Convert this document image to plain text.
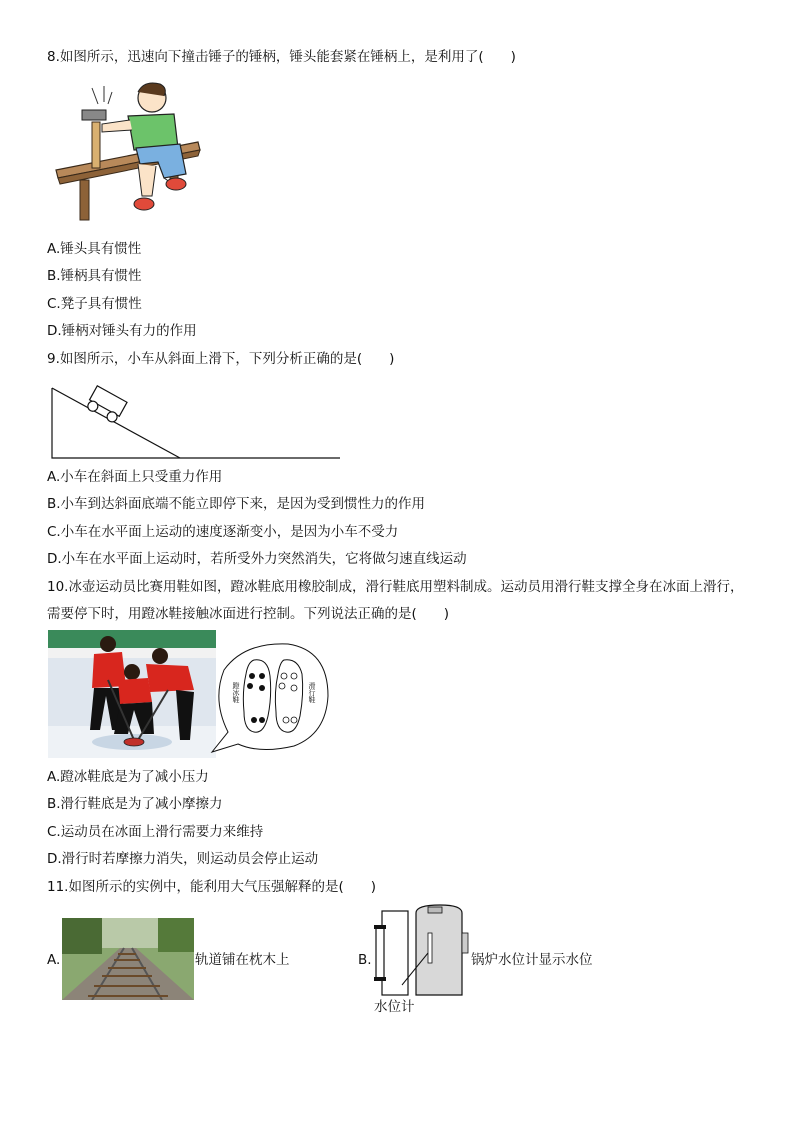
8.如图所示，迅速向下撞击锤子的锤柄，锤头能套紧在锤柄上，是利用了(　　)
A.锤头具有惯性
B.锤柄具有惯性
C.凳子具有惯性
D.锤柄对锤头有力的作用
9.如图所示，小车从斜面上滑下，下列分析正确的是(　　)
A.小车在斜面上只受重力作用
B.小车到达斜面底端不能立即停下来，是因为受到惯性力的作用
C.小车在水平面上运动的速度逐渐变小，是因为小车不受力
D.小车在水平面上运动时，若所受外力突然消失，它将做匀速直线运动
10.冰壶运动员比赛用鞋如图，蹬冰鞋底用橡胶制成，滑行鞋底用塑料制成。运动员用滑行鞋支撑全身在冰面上滑行，
需要停下时，用蹬冰鞋接触冰面进行控制。下列说法正确的是(　　)
蹬冰鞋	滑行鞋
A.蹬冰鞋底是为了减小压力
B.滑行鞋底是为了减小摩擦力
C.运动员在冰面上滑行需要力来维持
D.滑行时若摩擦力消失，则运动员会停止运动
11.如图所示的实例中，能利用大气压强解释的是(　　)
A.	轨道铺在枕木上	B.	锅炉水位计显示水位
水位计
